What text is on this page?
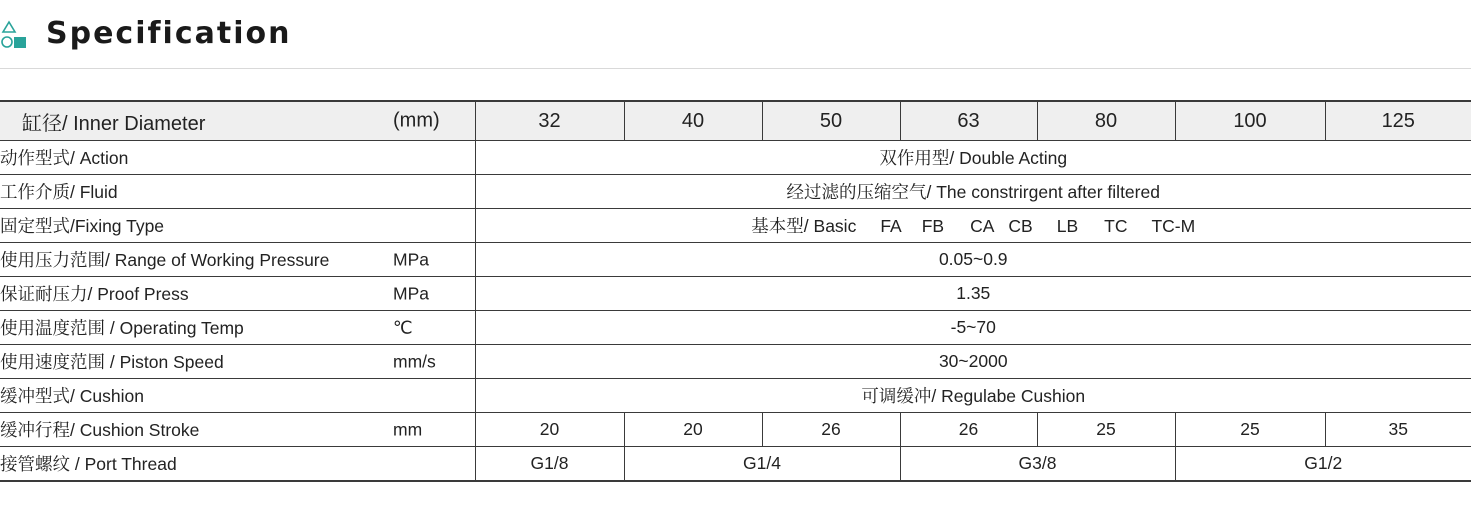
Specification
缸径/ Inner Diameter	(mm)	32	40	50	63	80	100	125
动作型式/ Action		双作用型/ Double Acting						
工作介质/ Fluid		经过滤的压缩空气/ The constrirgent after filtered						
固定型式/Fixing Type		基本型/ Basic FA FB CA CB LB TC TC-M						
使用压力范围/ Range of Working Pressure	MPa	0.05~0.9						
保证耐压力/ Proof Press	MPa	1.35						
使用温度范围 / Operating Temp	℃	-5~70						
使用速度范围 / Piston Speed	mm/s	30~2000						
缓冲型式/ Cushion		可调缓冲/ Regulabe Cushion						
缓冲行程/ Cushion Stroke	mm	20	20	26	26	25	25	35
接管螺纹 / Port Thread		G1/8	G1/4		G3/8		G1/2	
